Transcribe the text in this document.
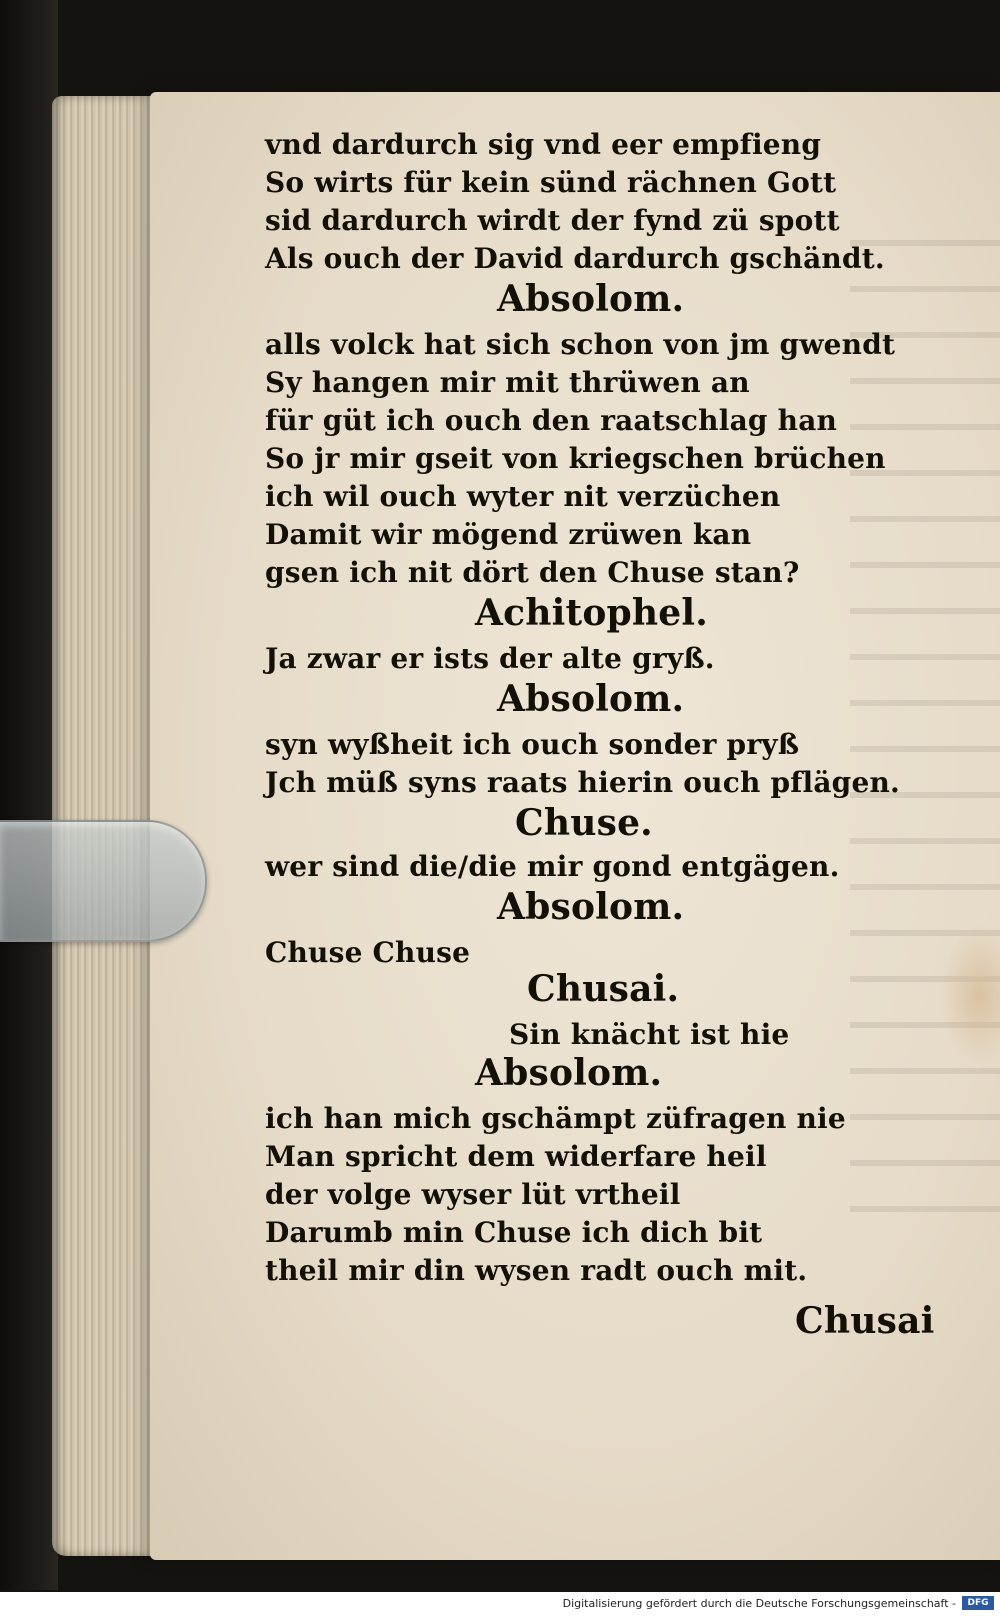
vnd dardurch sig vnd eer empfieng
So wirts für kein sünd rächnen Gott
sid dardurch wirdt der fynd zü spott
Als ouch der David dardurch gschändt.
Absolom.
alls volck hat sich schon von jm gwendt
Sy hangen mir mit thrüwen an
für güt ich ouch den raatschlag han
So jr mir gseit von kriegschen brüchen
ich wil ouch wyter nit verzüchen
Damit wir mögend zrüwen kan
gsen ich nit dört den Chuse stan?
Achitophel.
Ja zwar er ists der alte gryß.
Absolom.
syn wyßheit ich ouch sonder pryß
Jch müß syns raats hierin ouch pflägen.
Chuse.
wer sind die/die mir gond entgägen.
Absolom.
Chuse Chuse
Chusai.
Sin knächt ist hie
Absolom.
ich han mich gschämpt züfragen nie
Man spricht dem widerfare heil
der volge wyser lüt vrtheil
Darumb min Chuse ich dich bit
theil mir din wysen radt ouch mit.
Chusai
Digitalisierung gefördert durch die Deutsche Forschungsgemeinschaft -	DFG
